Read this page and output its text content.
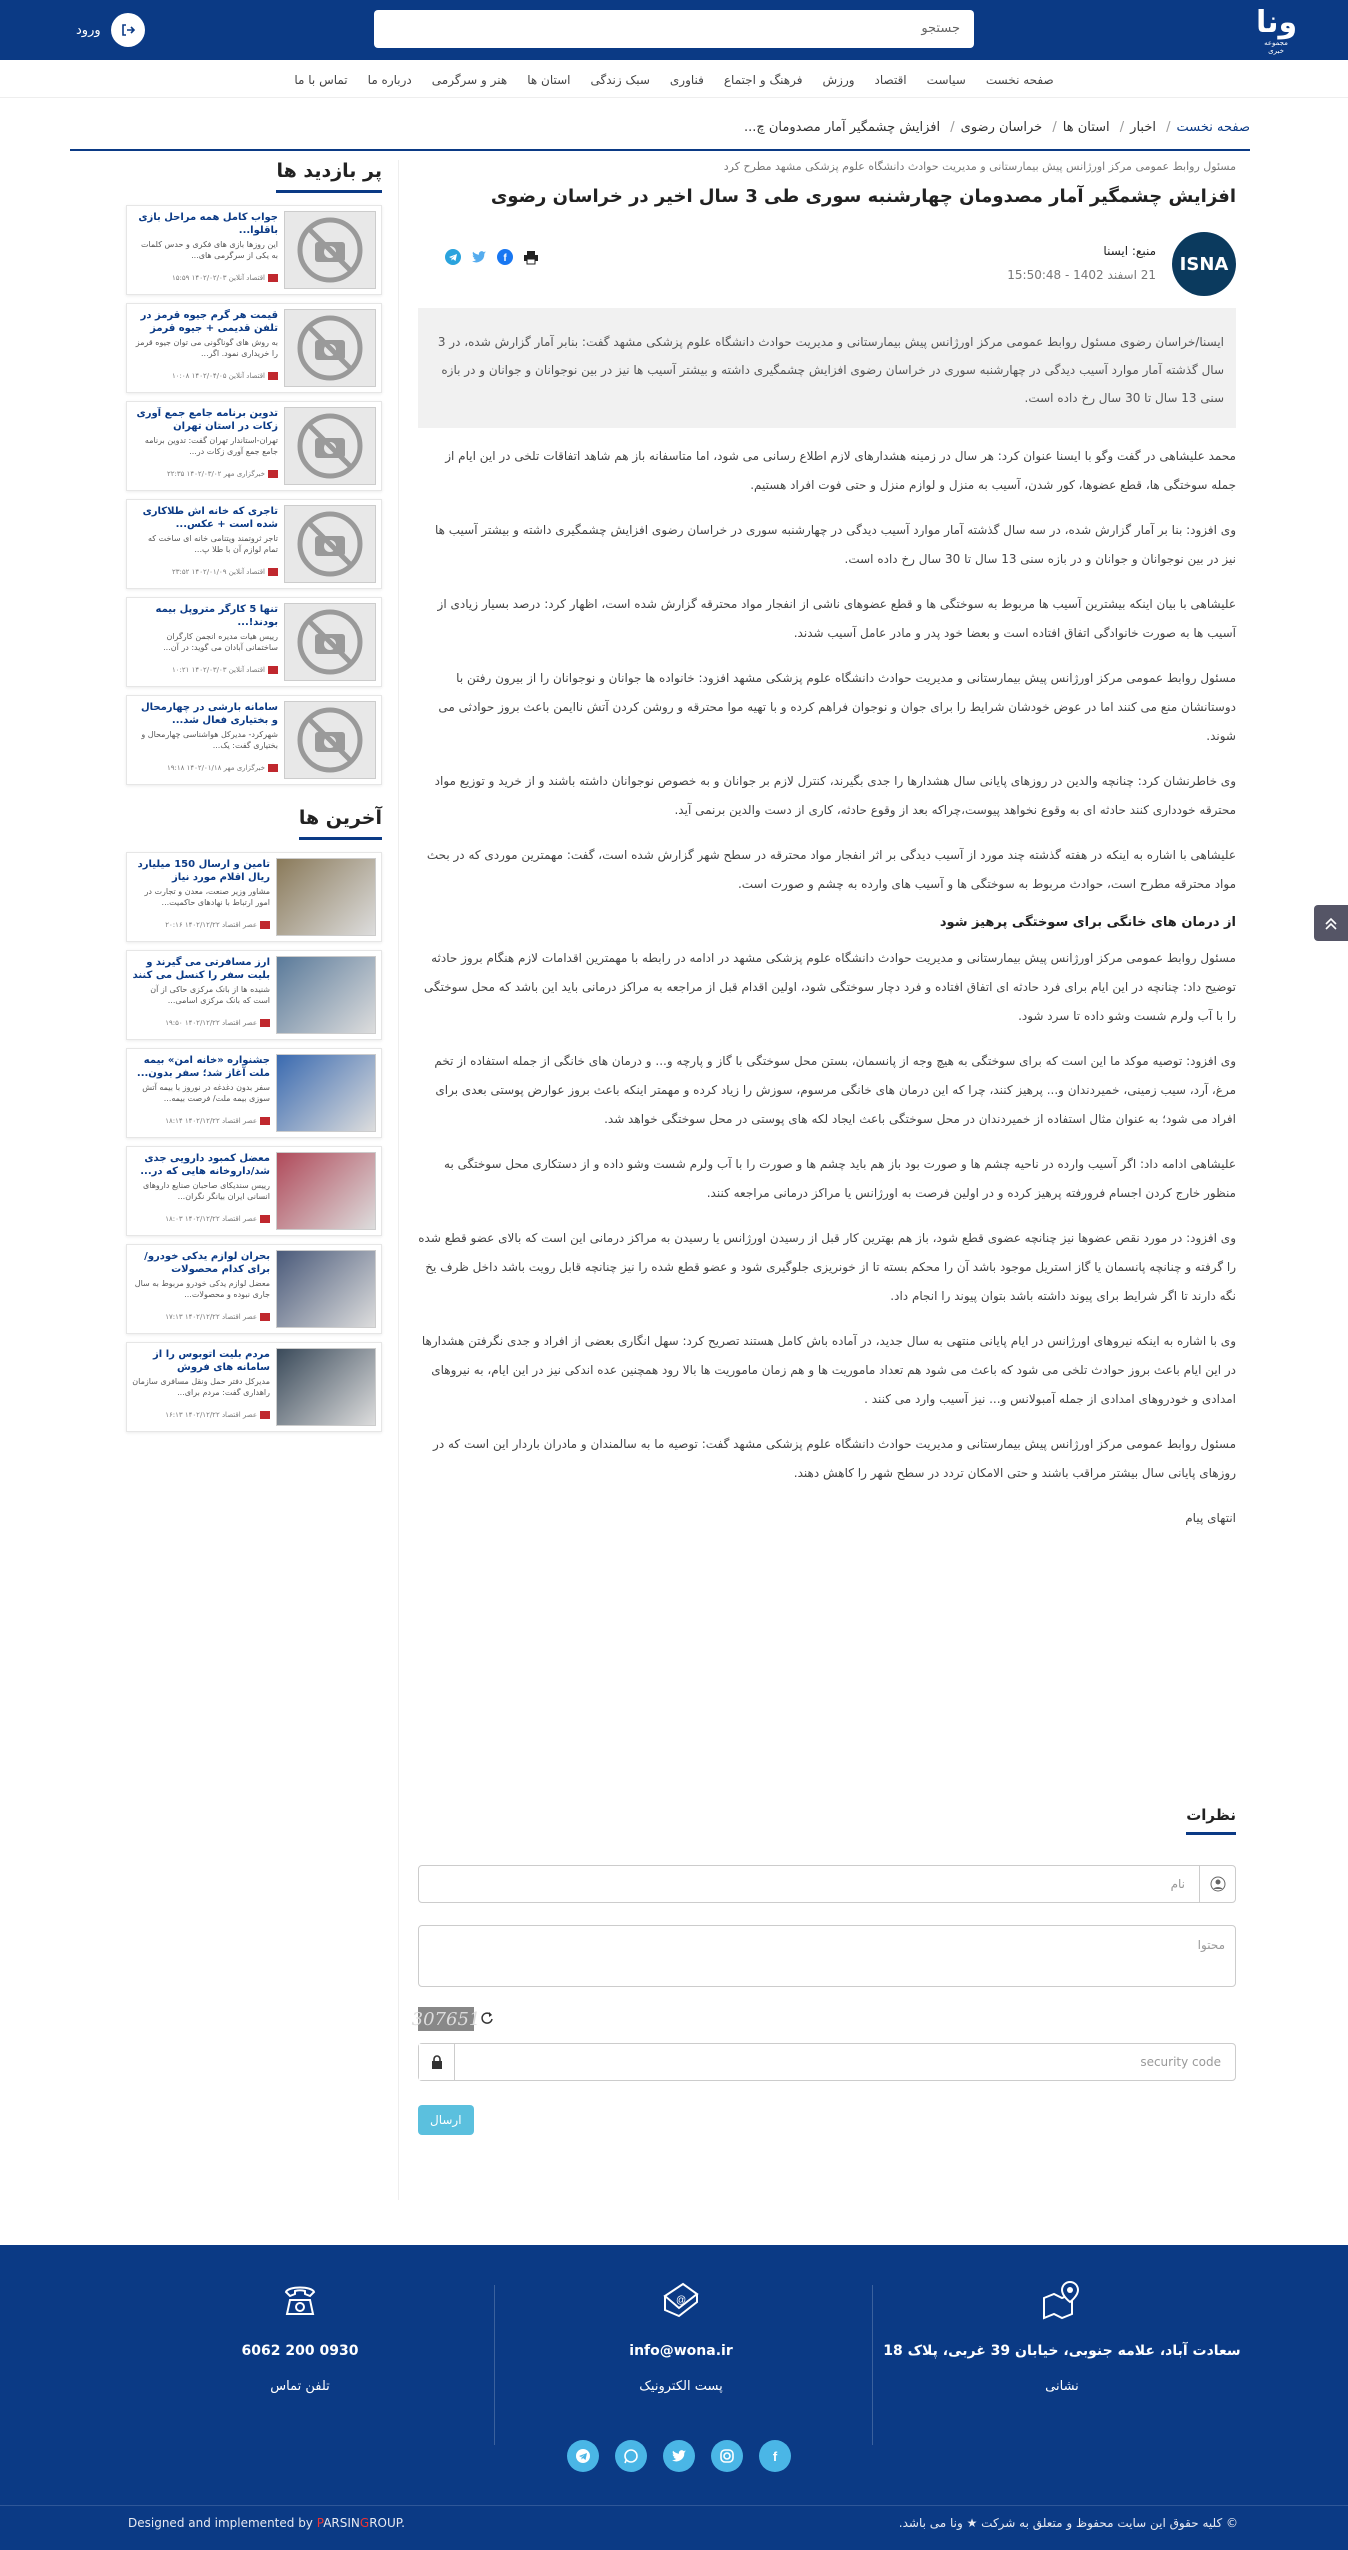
ونا
مجموعه خبری
جستجو
ورود
صفحه نخست
سیاست
اقتصاد
ورزش
فرهنگ و اجتماع
فناوری
سبک زندگی
استان ها
هنر و سرگرمی
درباره ما
تماس با ما
صفحه نخست/ اخبار/ استان ها/ خراسان رضوی/ افزایش چشمگیر آمار مصدومان چ...
پر بازدید ها
جواب کامل همه مراحل بازی باقلوا...
این روزها بازی های فکری و حدس کلمات به یکی از سرگرمی های...
اقتصاد آنلاین ۱۴۰۲/۰۲/۰۳ ۱۵:۵۹
قیمت هر گرم جیوه قرمز در تلفن قدیمی + جیوه قرمز
به روش های گوناگونی می توان جیوه قرمز را خریداری نمود. اگر...
اقتصاد آنلاین ۱۴۰۲/۰۴/۰۵ ۱۰:۰۸
تدوین برنامه جامع جمع آوری زکات در استان تهران
تهران-استاندار تهران گفت: تدوین برنامه جامع جمع آوری زکات در...
خبرگزاری مهر ۱۴۰۲/۰۳/۰۲ ۲۲:۳۵
تاجری که خانه اش طلاکاری شده است + عکس...
تاجر ثروتمند ویتنامی خانه ای ساخت که تمام لوازم آن با طلا پ...
اقتصاد آنلاین ۱۴۰۲/۰۱/۰۹ ۲۳:۵۲
تنها 5 کارگر متروپل بیمه بودند!...
رییس هیات مدیره انجمن کارگران ساختمانی آبادان می گوید: در آن...
اقتصاد آنلاین ۱۴۰۲/۰۳/۰۳ ۱۰:۲۱
سامانه بارشی در چهارمحال و بختیاری فعال شد...
شهرکرد- مدیرکل هواشناسی چهارمحال و بختیاری گفت: یک...
خبرگزاری مهر ۱۴۰۲/۰۱/۱۸ ۱۹:۱۸
آخرین ها
تامین و ارسال 150 میلیارد ریال اقلام مورد نیاز
مشاور وزیر صنعت، معدن و تجارت در امور ارتباط با نهادهای حاکمیت...
عصر اقتصاد ۱۴۰۲/۱۲/۲۲ ۲۰:۱۶
ارز مسافرتی می گیرند و بلیت سفر را کنسل می کنند
شنیده ها از بانک مرکزی حاکی از آن است که بانک مرکزی اسامی...
عصر اقتصاد ۱۴۰۲/۱۲/۲۲ ۱۹:۵۰
جشنواره «خانه امن» بیمه ملت آغاز شد؛ سفر بدون...
سفر بدون دغدغه در نوروز با بیمه آتش سوزی بیمه ملت/ فرصت بیمه...
عصر اقتصاد ۱۴۰۲/۱۲/۲۲ ۱۸:۱۴
معضل کمبود دارویی جدی شد/داروخانه هایی که در...
رییس سندیکای صاحبان صنایع داروهای انسانی ایران بیانگر نگران...
عصر اقتصاد ۱۴۰۲/۱۲/۲۲ ۱۸:۰۳
بحران لوازم یدکی خودرو/ برای کدام محصولات
معضل لوازم یدکی خودرو مربوط به سال جاری نبوده و محصولات...
عصر اقتصاد ۱۴۰۲/۱۲/۲۲ ۱۷:۱۳
مردم بلیت اتوبوس را از سامانه های فروش
مدیرکل دفتر حمل ونقل مسافری سازمان راهداری گفت: مردم برای...
عصر اقتصاد ۱۴۰۲/۱۲/۲۲ ۱۶:۱۳
مسئول روابط عمومی مرکز اورژانس پیش بیمارستانی و مدیریت حوادث دانشگاه علوم پزشکی مشهد مطرح کرد
افزایش چشمگیر آمار مصدومان چهارشنبه سوری طی 3 سال اخیر در خراسان رضوی
ISNA
منبع: ایسنا
21 اسفند 1402 - 15:50:48
f
ایسنا/خراسان رضوی مسئول روابط عمومی مرکز اورژانس پیش بیمارستانی و مدیریت حوادث دانشگاه علوم پزشکی مشهد گفت: بنابر آمار گزارش شده، در 3 سال گذشته آمار موارد آسیب دیدگی در چهارشنبه سوری در خراسان رضوی افزایش چشمگیری داشته و بیشتر آسیب ها نیز در بین نوجوانان و جوانان و در بازه سنی 13 سال تا 30 سال رخ داده است.

محمد علیشاهی در گفت وگو با ایسنا عنوان کرد: هر سال در زمینه هشدارهای لازم اطلاع رسانی می شود، اما متاسفانه باز هم شاهد اتفاقات تلخی در این ایام از جمله سوختگی ها، قطع عضوها، کور شدن، آسیب به منزل و لوازم منزل و حتی فوت افراد هستیم.

وی افزود: بنا بر آمار گزارش شده، در سه سال گذشته آمار موارد آسیب دیدگی در چهارشنبه سوری در خراسان رضوی افزایش چشمگیری داشته و بیشتر آسیب ها نیز در بین نوجوانان و جوانان و در بازه سنی 13 سال تا 30 سال رخ داده است.

علیشاهی با بیان اینکه بیشترین آسیب ها مربوط به سوختگی ها و قطع عضوهای ناشی از انفجار مواد محترقه گزارش شده است، اظهار کرد: درصد بسیار زیادی از آسیب ها به صورت خانوادگی اتفاق افتاده است و بعضا خود پدر و مادر عامل آسیب شدند.

مسئول روابط عمومی مرکز اورژانس پیش بیمارستانی و مدیریت حوادث دانشگاه علوم پزشکی مشهد افزود: خانواده ها جوانان و نوجوانان را از بیرون رفتن با دوستانشان منع می کنند اما در عوض خودشان شرایط را برای جوان و نوجوان فراهم کرده و با تهیه موا محترقه و روشن کردن آتش ناایمن باعث بروز حوادثی می شوند.

وی خاطرنشان کرد: چنانچه والدین در روزهای پایانی سال هشدارها را جدی بگیرند، کنترل لازم بر جوانان و به خصوص نوجوانان داشته باشند و از خرید و توزیع مواد محترقه خودداری کنند حادثه ای به وقوع نخواهد پیوست،چراکه بعد از وقوع حادثه، کاری از دست والدین برنمی آید.

علیشاهی با اشاره به اینکه در هفته گذشته چند مورد از آسیب دیدگی بر اثر انفجار مواد محترقه در سطح شهر گزارش شده است، گفت: مهمترین موردی که در بحث مواد محترقه مطرح است، حوادث مربوط به سوختگی ها و آسیب های وارده به چشم و صورت است.

از درمان های خانگی برای سوختگی پرهیز شود

مسئول روابط عمومی مرکز اورژانس پیش بیمارستانی و مدیریت حوادث دانشگاه علوم پزشکی مشهد در ادامه در رابطه با مهمترین اقدامات لازم هنگام بروز حادثه توضیح داد: چنانچه در این ایام برای فرد حادثه ای اتفاق افتاده و فرد دچار سوختگی شود، اولین اقدام قبل از مراجعه به مراکز درمانی باید این باشد که محل سوختگی را با آب ولرم شست وشو داده تا سرد شود.

وی افزود: توصیه موکد ما این است که برای سوختگی به هیچ وجه از پانسمان، بستن محل سوختگی با گاز و پارچه و... و درمان های خانگی از جمله استفاده از تخم مرغ، آرد، سیب زمینی، خمیردندان و... پرهیز کنند، چرا که این درمان های خانگی مرسوم، سوزش را زیاد کرده و مهمتر اینکه باعث بروز عوارض پوستی بعدی برای افراد می شود؛ به عنوان مثال استفاده از خمیردندان در محل سوختگی باعث ایجاد لکه های پوستی در محل سوختگی خواهد شد.

علیشاهی ادامه داد: اگر آسیب وارده در ناحیه چشم ها و صورت بود باز هم باید چشم ها و صورت را با آب ولرم شست وشو داده و از دستکاری محل سوختگی به منظور خارج کردن اجسام فرورفته پرهیز کرده و در اولین فرصت به اورژانس یا مراکز درمانی مراجعه کنند.

وی افزود: در مورد نقص عضوها نیز چنانچه عضوی قطع شود، باز هم بهترین کار قبل از رسیدن اورژانس یا رسیدن به مراکز درمانی این است که بالای عضو قطع شده را گرفته و چنانچه پانسمان یا گاز استریل موجود باشد آن را محکم بسته تا از خونریزی جلوگیری شود و عضو قطع شده را نیز چنانچه قابل رویت باشد داخل ظرف یخ نگه دارند تا اگر شرایط برای پیوند داشته باشد بتوان پیوند را انجام داد.

وی با اشاره به اینکه نیروهای اورژانس در ایام پایانی منتهی به سال جدید، در آماده باش کامل هستند تصریح کرد: سهل انگاری بعضی از افراد و جدی نگرفتن هشدارها در این ایام باعث بروز حوادث تلخی می شود که باعث می شود هم تعداد ماموریت ها و هم زمان ماموریت ها بالا رود همچنین عده اندکی نیز در این ایام، به نیروهای امدادی و خودروهای امدادی از جمله آمبولانس و... نیز آسیب وارد می کنند .

مسئول روابط عمومی مرکز اورژانس پیش بیمارستانی و مدیریت حوادث دانشگاه علوم پزشکی مشهد گفت: توصیه ما به سالمندان و مادران باردار این است که در روزهای پایانی سال بیشتر مراقب باشند و حتی الامکان تردد در سطح شهر را کاهش دهند.

انتهای پیام

نظرات
نام
محتوا
307651
security code
ارسال
0930 200 6062
تلفن تماس
@
info@wona.ir
پست الکترونیک
سعادت آباد، علامه جنوبی، خیابان 39 غربی، پلاک 18
نشانی
f
© کلیه حقوق این سایت محفوظ و متعلق به شرکت ★ ونا می باشد.
Designed and implemented by PARSINGROUP.
